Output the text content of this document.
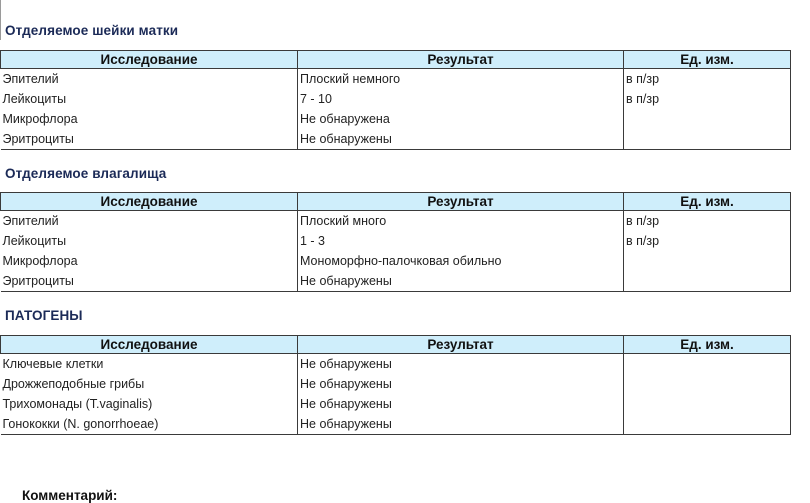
Отделяемое шейки матки
Исследование	Результат	Ед. изм.
Эпителий	Плоский немного	в п/зр
Лейкоциты	7 - 10	в п/зр
Микрофлора	Не обнаружена	
Эритроциты	Не обнаружены	
Отделяемое влагалища
Исследование	Результат	Ед. изм.
Эпителий	Плоский много	в п/зр
Лейкоциты	1 - 3	в п/зр
Микрофлора	Мономорфно-палочковая обильно	
Эритроциты	Не обнаружены	
ПАТОГЕНЫ
Исследование	Результат	Ед. изм.
Ключевые клетки	Не обнаружены	
Дрожжеподобные грибы	Не обнаружены	
Трихомонады (T.vaginalis)	Не обнаружены	
Гонококки (N. gonorrhoeae)	Не обнаружены	
Комментарий:
